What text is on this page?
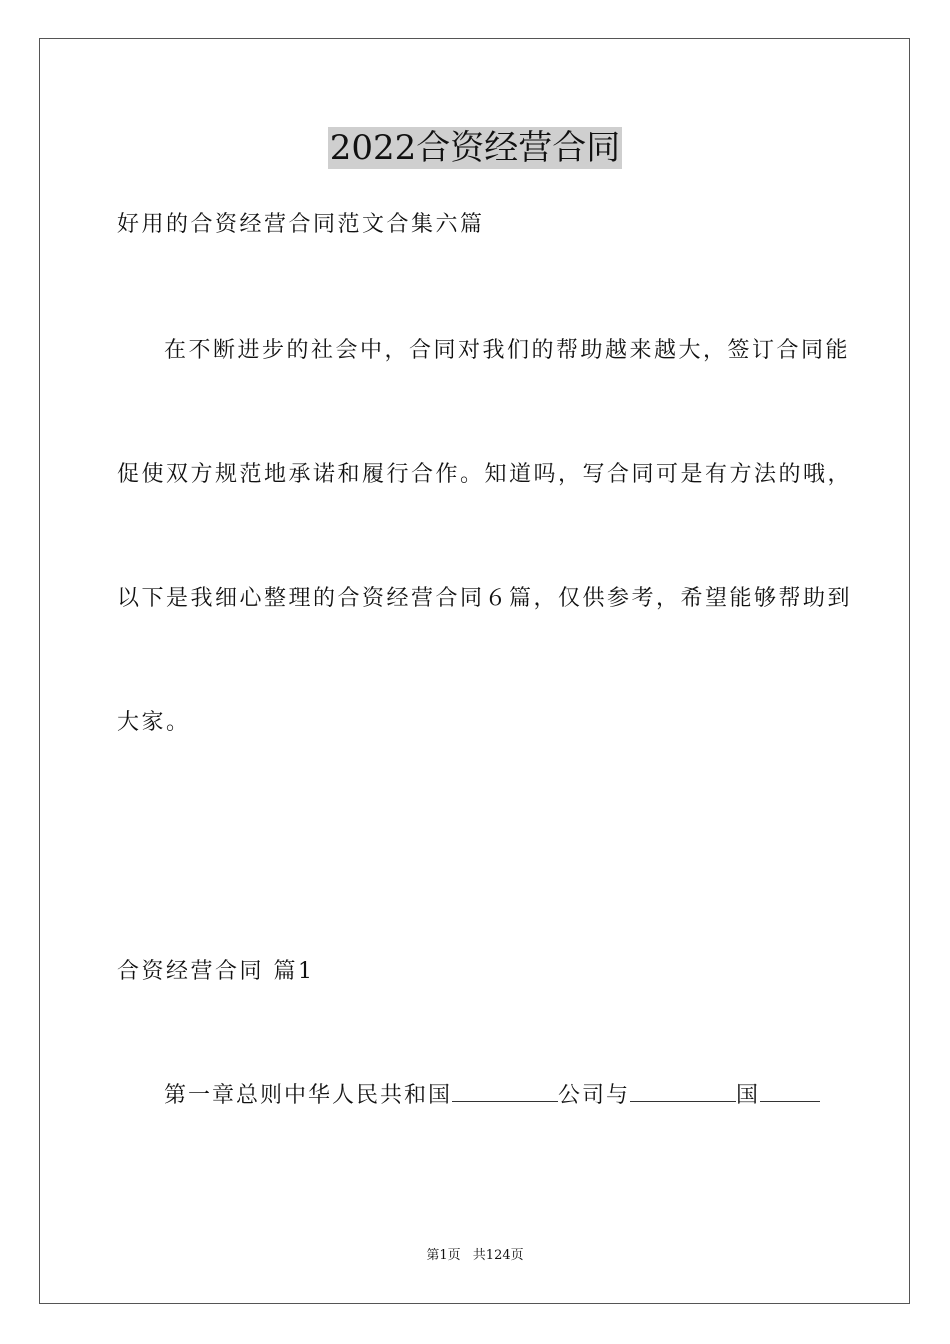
2022合资经营合同
好用的合资经营合同范文合集六篇
在不断进步的社会中，合同对我们的帮助越来越大，签订合同能
促使双方规范地承诺和履行合作。知道吗，写合同可是有方法的哦，
以下是我细心整理的合资经营合同６篇，仅供参考，希望能够帮助到
大家。
合资经营合同 篇1
第一章总则中华人民共和国	公司与	国
第1页 共124页
